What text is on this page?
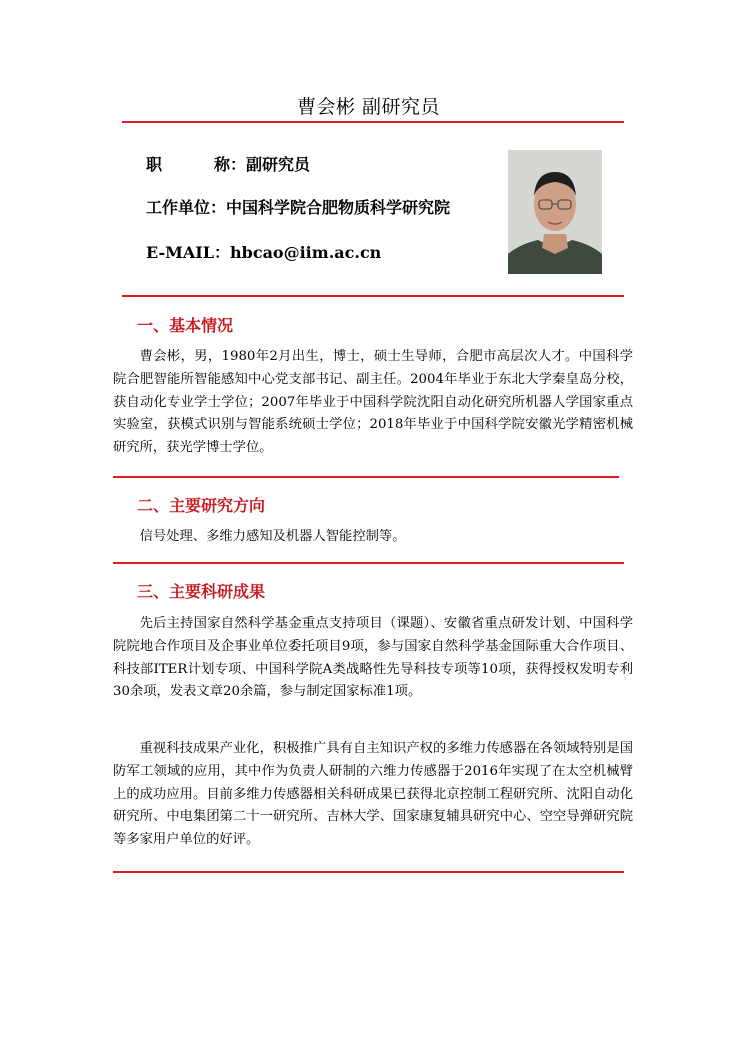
曹会彬 副研究员
职	称 ：副研究员
工作单位：中国科学院合肥物质科学研究院
E-MAIL：hbcao@iim.ac.cn
一、基本情况
曹会彬，男，1980年2月出生，博士，硕士生导师，合肥市高层次人才。中国科学院合肥智能所智能感知中心党支部书记、副主任。2004年毕业于东北大学秦皇岛分校，获自动化专业学士学位；2007年毕业于中国科学院沈阳自动化研究所机器人学国家重点实验室，获模式识别与智能系统硕士学位；2018年毕业于中国科学院安徽光学精密机械研究所，获光学博士学位。
二、主要研究方向
信号处理、多维力感知及机器人智能控制等。
三、主要科研成果
先后主持国家自然科学基金重点支持项目（课题）、安徽省重点研发计划、中国科学院院地合作项目及企事业单位委托项目9项，参与国家自然科学基金国际重大合作项目、科技部ITER计划专项、中国科学院A类战略性先导科技专项等10项，获得授权发明专利30余项，发表文章20余篇，参与制定国家标准1项。
重视科技成果产业化，积极推广具有自主知识产权的多维力传感器在各领域特别是国防军工领域的应用，其中作为负责人研制的六维力传感器于2016年实现了在太空机械臂上的成功应用。目前多维力传感器相关科研成果已获得北京控制工程研究所、沈阳自动化研究所、中电集团第二十一研究所、吉林大学、国家康复辅具研究中心、空空导弹研究院等多家用户单位的好评。
